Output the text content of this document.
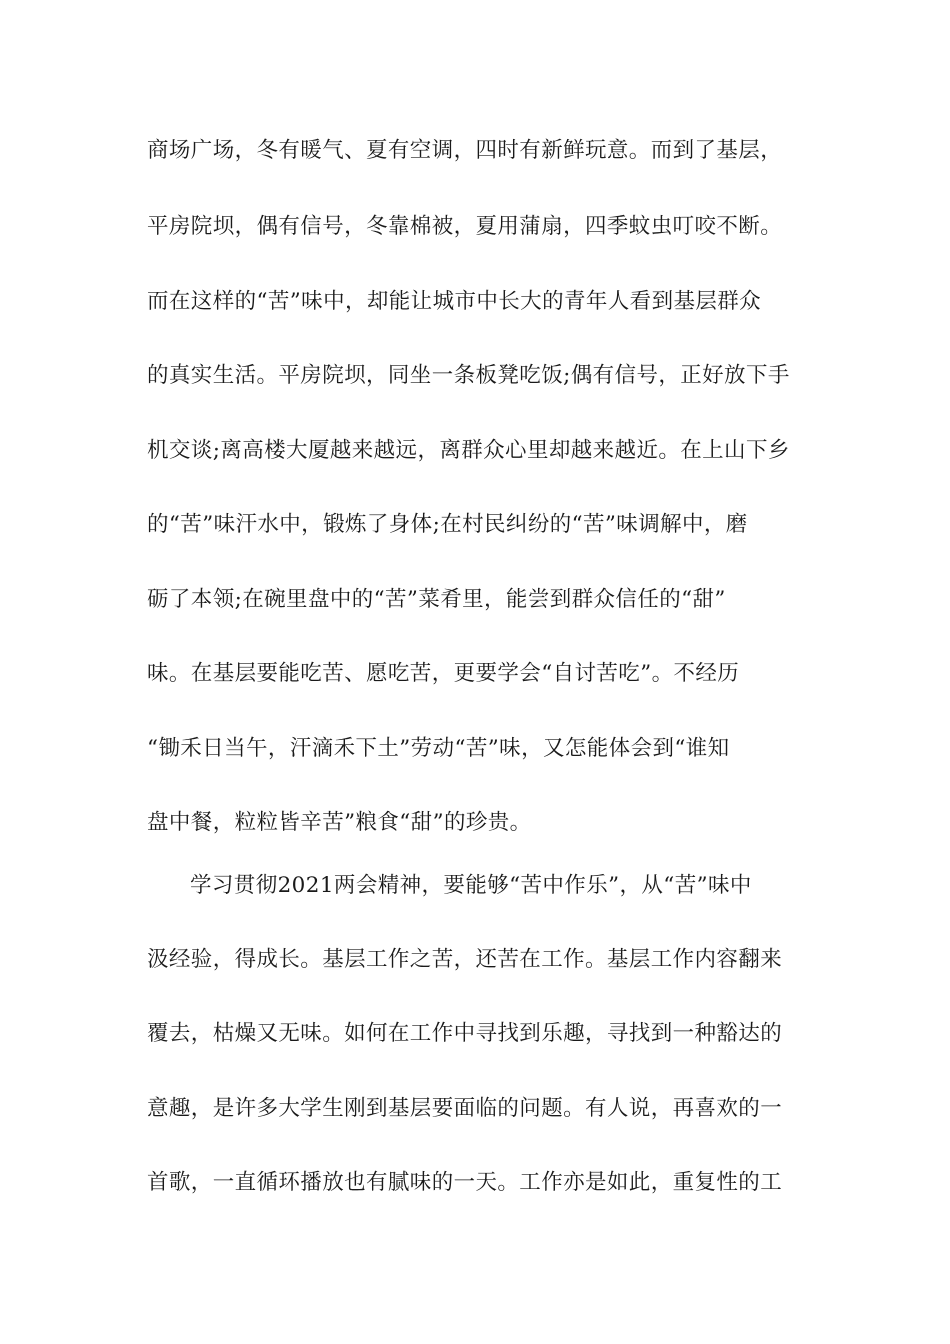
商场广场，冬有暖气、夏有空调，四时有新鲜玩意。而到了基层，
平房院坝，偶有信号，冬靠棉被，夏用蒲扇，四季蚊虫叮咬不断。
而在这样的“苦”味中，却能让城市中长大的青年人看到基层群众
的真实生活。平房院坝，同坐一条板凳吃饭;偶有信号，正好放下手
机交谈;离高楼大厦越来越远，离群众心里却越来越近。在上山下乡
的“苦”味汗水中，锻炼了身体;在村民纠纷的“苦”味调解中，磨
砺了本领;在碗里盘中的“苦”菜肴里，能尝到群众信任的“甜”
味。在基层要能吃苦、愿吃苦，更要学会“自讨苦吃”。不经历
“锄禾日当午，汗滴禾下土”劳动“苦”味，又怎能体会到“谁知
盘中餐，粒粒皆辛苦”粮食“甜”的珍贵。
学习贯彻2021两会精神，要能够“苦中作乐”，从“苦”味中
汲经验，得成长。基层工作之苦，还苦在工作。基层工作内容翻来
覆去，枯燥又无味。如何在工作中寻找到乐趣，寻找到一种豁达的
意趣，是许多大学生刚到基层要面临的问题。有人说，再喜欢的一
首歌，一直循环播放也有腻味的一天。工作亦是如此，重复性的工
